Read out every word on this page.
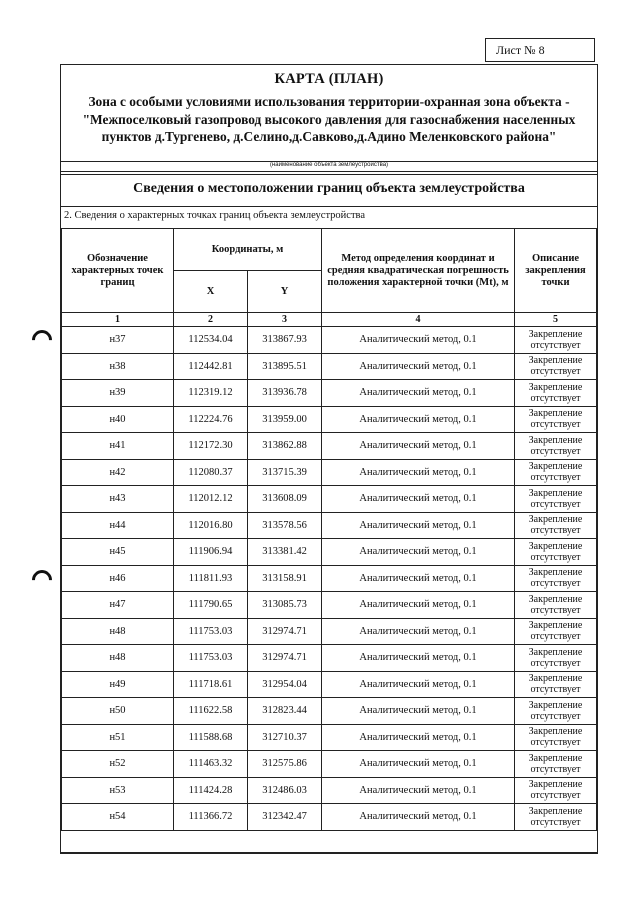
Лист № 8
КАРТА (ПЛАН)
Зона с особыми условиями использования территории-охранная зона объекта -"Межпоселковый газопровод высокого давления для газоснабжения населенных пунктов д.Тургенево, д.Селино,д.Савково,д.Адино Меленковского района"
(наименование объекта землеустройства)
Сведения о местоположении границ объекта землеустройства
2. Сведения о характерных точках границ объекта землеустройства
Обозначение характерных точек границ	Координаты, м		Метод определения координат и средняя квадратическая погрешность положения характерной точки (Mt), м	Описание закрепления точки
	X	Y		
1	2	3	4	5
н37	112534.04	313867.93	Аналитический метод, 0.1	Закрепление отсутствует
н38	112442.81	313895.51	Аналитический метод, 0.1	Закрепление отсутствует
н39	112319.12	313936.78	Аналитический метод, 0.1	Закрепление отсутствует
н40	112224.76	313959.00	Аналитический метод, 0.1	Закрепление отсутствует
н41	112172.30	313862.88	Аналитический метод, 0.1	Закрепление отсутствует
н42	112080.37	313715.39	Аналитический метод, 0.1	Закрепление отсутствует
н43	112012.12	313608.09	Аналитический метод, 0.1	Закрепление отсутствует
н44	112016.80	313578.56	Аналитический метод, 0.1	Закрепление отсутствует
н45	111906.94	313381.42	Аналитический метод, 0.1	Закрепление отсутствует
н46	111811.93	313158.91	Аналитический метод, 0.1	Закрепление отсутствует
н47	111790.65	313085.73	Аналитический метод, 0.1	Закрепление отсутствует
н48	111753.03	312974.71	Аналитический метод, 0.1	Закрепление отсутствует
н48	111753.03	312974.71	Аналитический метод, 0.1	Закрепление отсутствует
н49	111718.61	312954.04	Аналитический метод, 0.1	Закрепление отсутствует
н50	111622.58	312823.44	Аналитический метод, 0.1	Закрепление отсутствует
н51	111588.68	312710.37	Аналитический метод, 0.1	Закрепление отсутствует
н52	111463.32	312575.86	Аналитический метод, 0.1	Закрепление отсутствует
н53	111424.28	312486.03	Аналитический метод, 0.1	Закрепление отсутствует
н54	111366.72	312342.47	Аналитический метод, 0.1	Закрепление отсутствует
